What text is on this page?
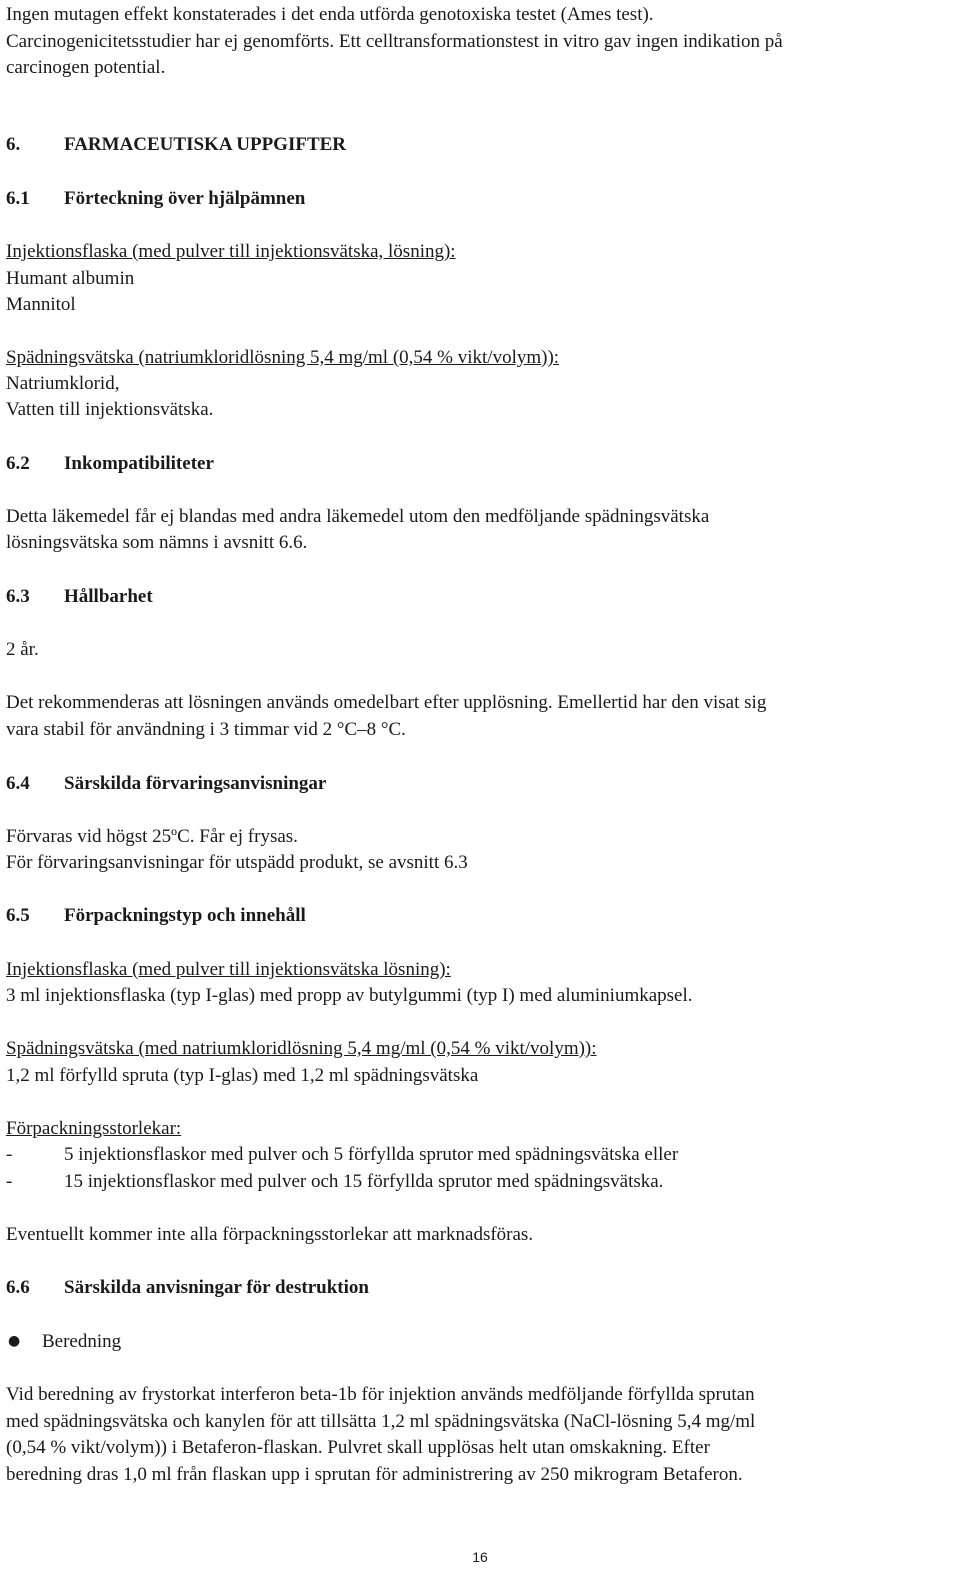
Ingen mutagen effekt konstaterades i det enda utförda genotoxiska testet (Ames test).
Carcinogenicitetsstudier har ej genomförts. Ett celltransformationstest in vitro gav ingen indikation på
carcinogen potential.
6. FARMACEUTISKA UPPGIFTER
6.1 Förteckning över hjälpämnen
Injektionsflaska (med pulver till injektionsvätska, lösning):
Humant albumin
Mannitol
Spädningsvätska (natriumkloridlösning 5,4 mg/ml (0,54 % vikt/volym)):
Natriumklorid,
Vatten till injektionsvätska.
6.2 Inkompatibiliteter
Detta läkemedel får ej blandas med andra läkemedel utom den medföljande spädningsvätska
lösningsvätska som nämns i avsnitt 6.6.
6.3 Hållbarhet
2 år.
Det rekommenderas att lösningen används omedelbart efter upplösning. Emellertid har den visat sig
vara stabil för användning i 3 timmar vid 2 °C–8 °C.
6.4 Särskilda förvaringsanvisningar
Förvaras vid högst 25ºC. Får ej frysas.
För förvaringsanvisningar för utspädd produkt, se avsnitt 6.3
6.5 Förpackningstyp och innehåll
Injektionsflaska (med pulver till injektionsvätska lösning):
3 ml injektionsflaska (typ I-glas) med propp av butylgummi (typ I) med aluminiumkapsel.
Spädningsvätska (med natriumkloridlösning 5,4 mg/ml (0,54 % vikt/volym)):
1,2 ml förfylld spruta (typ I-glas) med 1,2 ml spädningsvätska
Förpackningsstorlekar:
-	5 injektionsflaskor med pulver och 5 förfyllda sprutor med spädningsvätska eller
-	15 injektionsflaskor med pulver och 15 förfyllda sprutor med spädningsvätska.
Eventuellt kommer inte alla förpackningsstorlekar att marknadsföras.
6.6 Särskilda anvisningar för destruktion
● Beredning
Vid beredning av frystorkat interferon beta-1b för injektion används medföljande förfyllda sprutan
med spädningsvätska och kanylen för att tillsätta 1,2 ml spädningsvätska (NaCl-lösning 5,4 mg/ml
(0,54 % vikt/volym)) i Betaferon-flaskan. Pulvret skall upplösas helt utan omskakning. Efter
beredning dras 1,0 ml från flaskan upp i sprutan för administrering av 250 mikrogram Betaferon.
16
